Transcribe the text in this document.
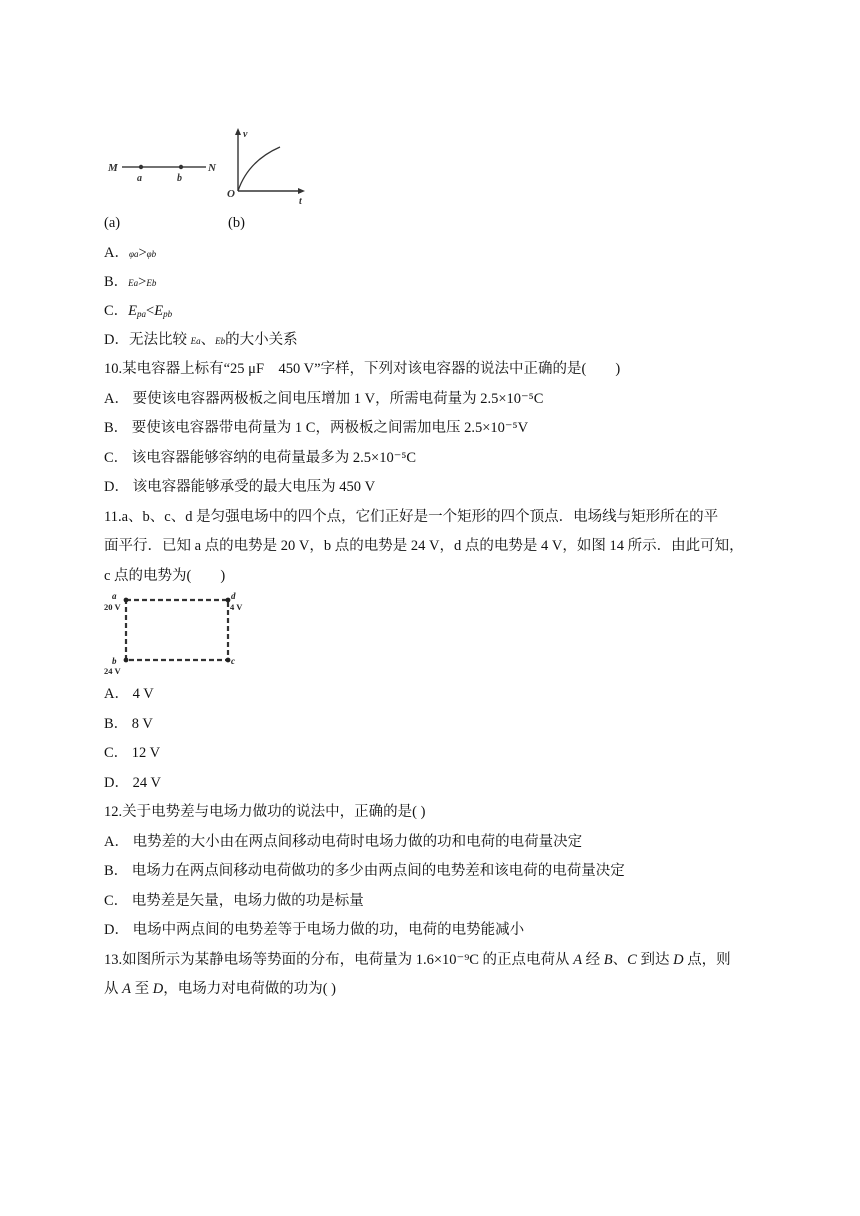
M	N
a	b
v
O
t
(a)	(b)
A．φa>φb
B．Ea>Eb
C．$E_{pa}<E_{pb}$
D．无法比较 Ea、Eb的大小关系
10.某电容器上标有“25 μF　450 V”字样，下列对该电容器的说法中正确的是(　　)
A． 要使该电容器两极板之间电压增加 1 V，所需电荷量为 2.5×10⁻⁵C
B． 要使该电容器带电荷量为 1 C，两极板之间需加电压 2.5×10⁻⁵V
C． 该电容器能够容纳的电荷量最多为 2.5×10⁻⁵C
D． 该电容器能够承受的最大电压为 450 V
11.a、b、c、d 是匀强电场中的四个点，它们正好是一个矩形的四个顶点．电场线与矩形所在的平
面平行．已知 a 点的电势是 20 V，b 点的电势是 24 V，d 点的电势是 4 V，如图 14 所示．由此可知，
c 点的电势为(　　)
a
20 V
d
4 V
b
24 V
c
A． 4 V
B． 8 V
C． 12 V
D． 24 V
12.关于电势差与电场力做功的说法中，正确的是( )
A． 电势差的大小由在两点间移动电荷时电场力做的功和电荷的电荷量决定
B． 电场力在两点间移动电荷做功的多少由两点间的电势差和该电荷的电荷量决定
C． 电势差是矢量，电场力做的功是标量
D． 电场中两点间的电势差等于电场力做的功，电荷的电势能减小
13.如图所示为某静电场等势面的分布，电荷量为 1.6×10⁻⁹C 的正点电荷从 A 经 B、C 到达 D 点，则
从 A 至 D，电场力对电荷做的功为( )
